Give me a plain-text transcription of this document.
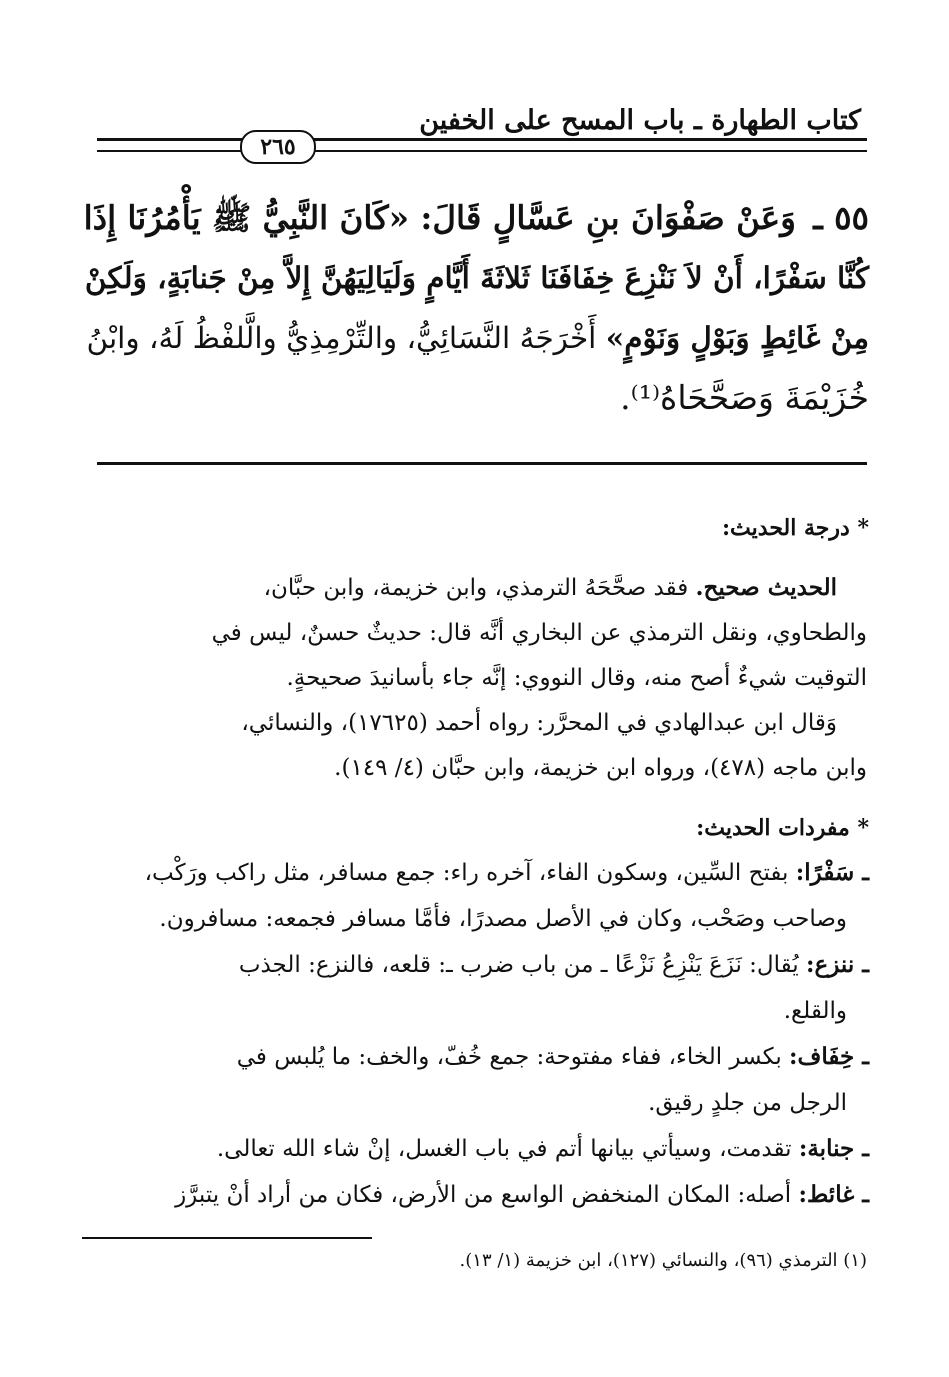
كتاب الطهارة ـ باب المسح على الخفين
٢٦٥

٥٥ ـ وَعَنْ صَفْوَانَ بنِ عَسَّالٍ قَالَ: «كَانَ النَّبِيُّ ﷺ يَأْمُرُنَا إِذَا

كُنَّا سَفْرًا، أَنْ لاَ نَنْزِعَ خِفَافَنَا ثَلاثَةَ أَيَّامٍ وَلَيَالِيَهُنَّ إِلاَّ مِنْ جَنابَةٍ، وَلَكِنْ

مِنْ غَائِطٍ وَبَوْلٍ وَنَوْمٍ» أَخْرَجَهُ النَّسَائِيُّ، والتِّرْمِذِيُّ والَّلفْظُ لَهُ، وابْنُ

خُزَيْمَةَ وَصَحَّحَاهُ⁽¹⁾.

* درجة الحديث:

الحديث صحيح. فقد صحَّحَهُ الترمذي، وابن خزيمة، وابن حبَّان،

والطحاوي، ونقل الترمذي عن البخاري أنَّه قال: حديثٌ حسنٌ، ليس في

التوقيت شيءٌ أصح منه، وقال النووي: إنَّه جاء بأسانيدَ صحيحةٍ.

وَقال ابن عبدالهادي في المحرَّر: رواه أحمد (١٧٦٢٥)، والنسائي،

وابن ماجه (٤٧٨)، ورواه ابن خزيمة، وابن حبَّان (٤/ ١٤٩).

* مفردات الحديث:

ـ سَفْرًا: بفتح السِّين، وسكون الفاء، آخره راء: جمع مسافر، مثل راكب ورَكْب،

وصاحب وصَحْب، وكان في الأصل مصدرًا، فأمَّا مسافر فجمعه: مسافرون.

ـ ننزع: يُقال: نَزَعَ يَنْزِعُ نَزْعًا ـ من باب ضرب ـ: قلعه، فالنزع: الجذب

والقلع.

ـ خِفَاف: بكسر الخاء، ففاء مفتوحة: جمع خُفّ، والخف: ما يُلبس في

الرجل من جلدٍ رقيق.

ـ جنابة: تقدمت، وسيأتي بيانها أتم في باب الغسل، إنْ شاء الله تعالى.

ـ غائط: أصله: المكان المنخفض الواسع من الأرض، فكان من أراد أنْ يتبرَّز

(١) الترمذي (٩٦)، والنسائي (١٢٧)، ابن خزيمة (١/ ١٣).
